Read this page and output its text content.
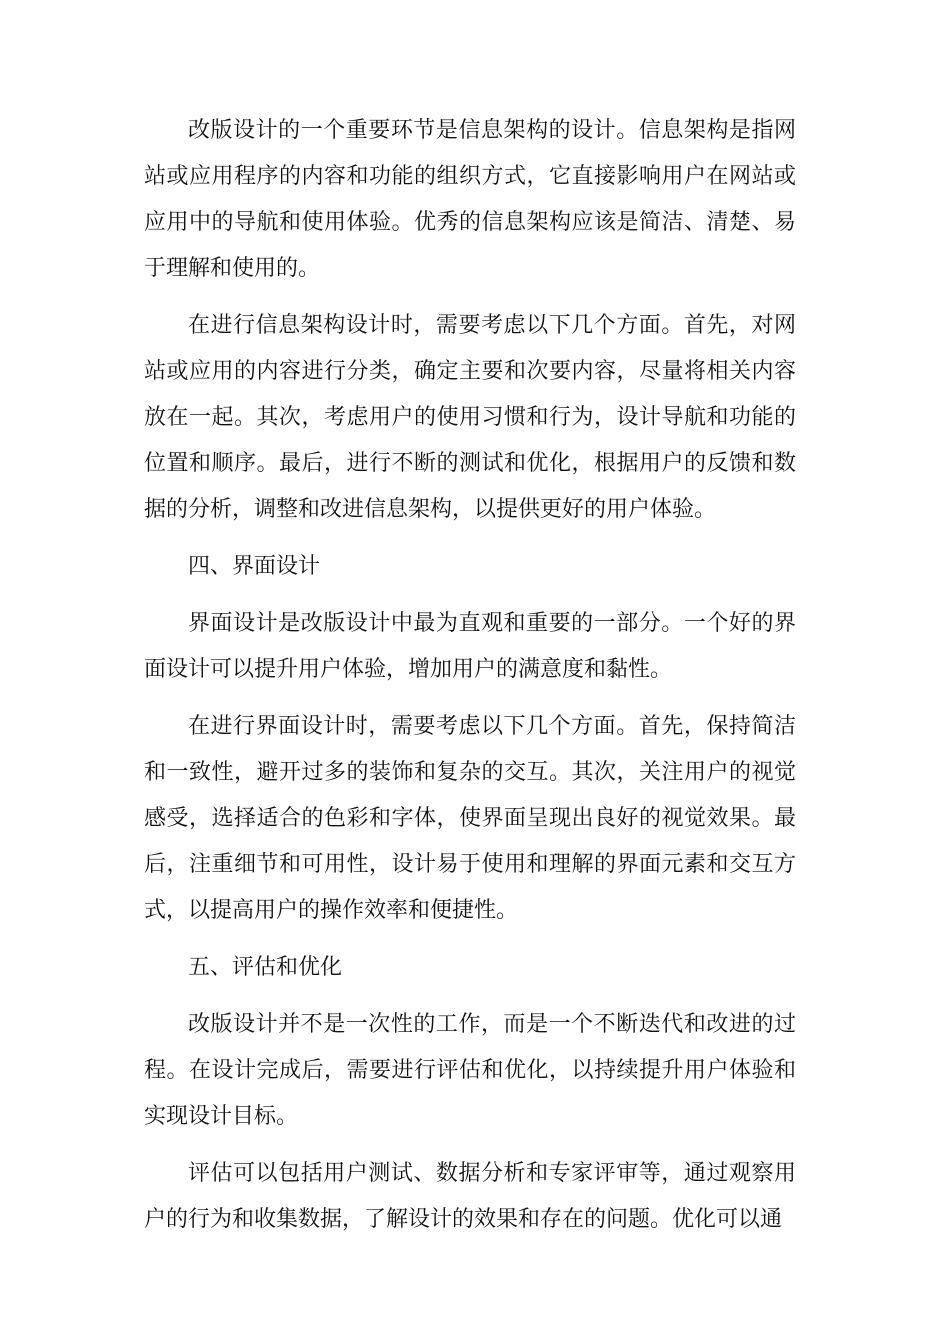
改版设计的一个重要环节是信息架构的设计。信息架构是指网站或应用程序的内容和功能的组织方式，它直接影响用户在网站或应用中的导航和使用体验。优秀的信息架构应该是简洁、清楚、易于理解和使用的。

在进行信息架构设计时，需要考虑以下几个方面。首先，对网站或应用的内容进行分类，确定主要和次要内容，尽量将相关内容放在一起。其次，考虑用户的使用习惯和行为，设计导航和功能的位置和顺序。最后，进行不断的测试和优化，根据用户的反馈和数据的分析，调整和改进信息架构，以提供更好的用户体验。

四、界面设计

界面设计是改版设计中最为直观和重要的一部分。一个好的界面设计可以提升用户体验，增加用户的满意度和黏性。

在进行界面设计时，需要考虑以下几个方面。首先，保持简洁和一致性，避开过多的装饰和复杂的交互。其次，关注用户的视觉感受，选择适合的色彩和字体，使界面呈现出良好的视觉效果。最后，注重细节和可用性，设计易于使用和理解的界面元素和交互方式，以提高用户的操作效率和便捷性。

五、评估和优化

改版设计并不是一次性的工作，而是一个不断迭代和改进的过程。在设计完成后，需要进行评估和优化，以持续提升用户体验和实现设计目标。

评估可以包括用户测试、数据分析和专家评审等，通过观察用户的行为和收集数据，了解设计的效果和存在的问题。优化可以通
